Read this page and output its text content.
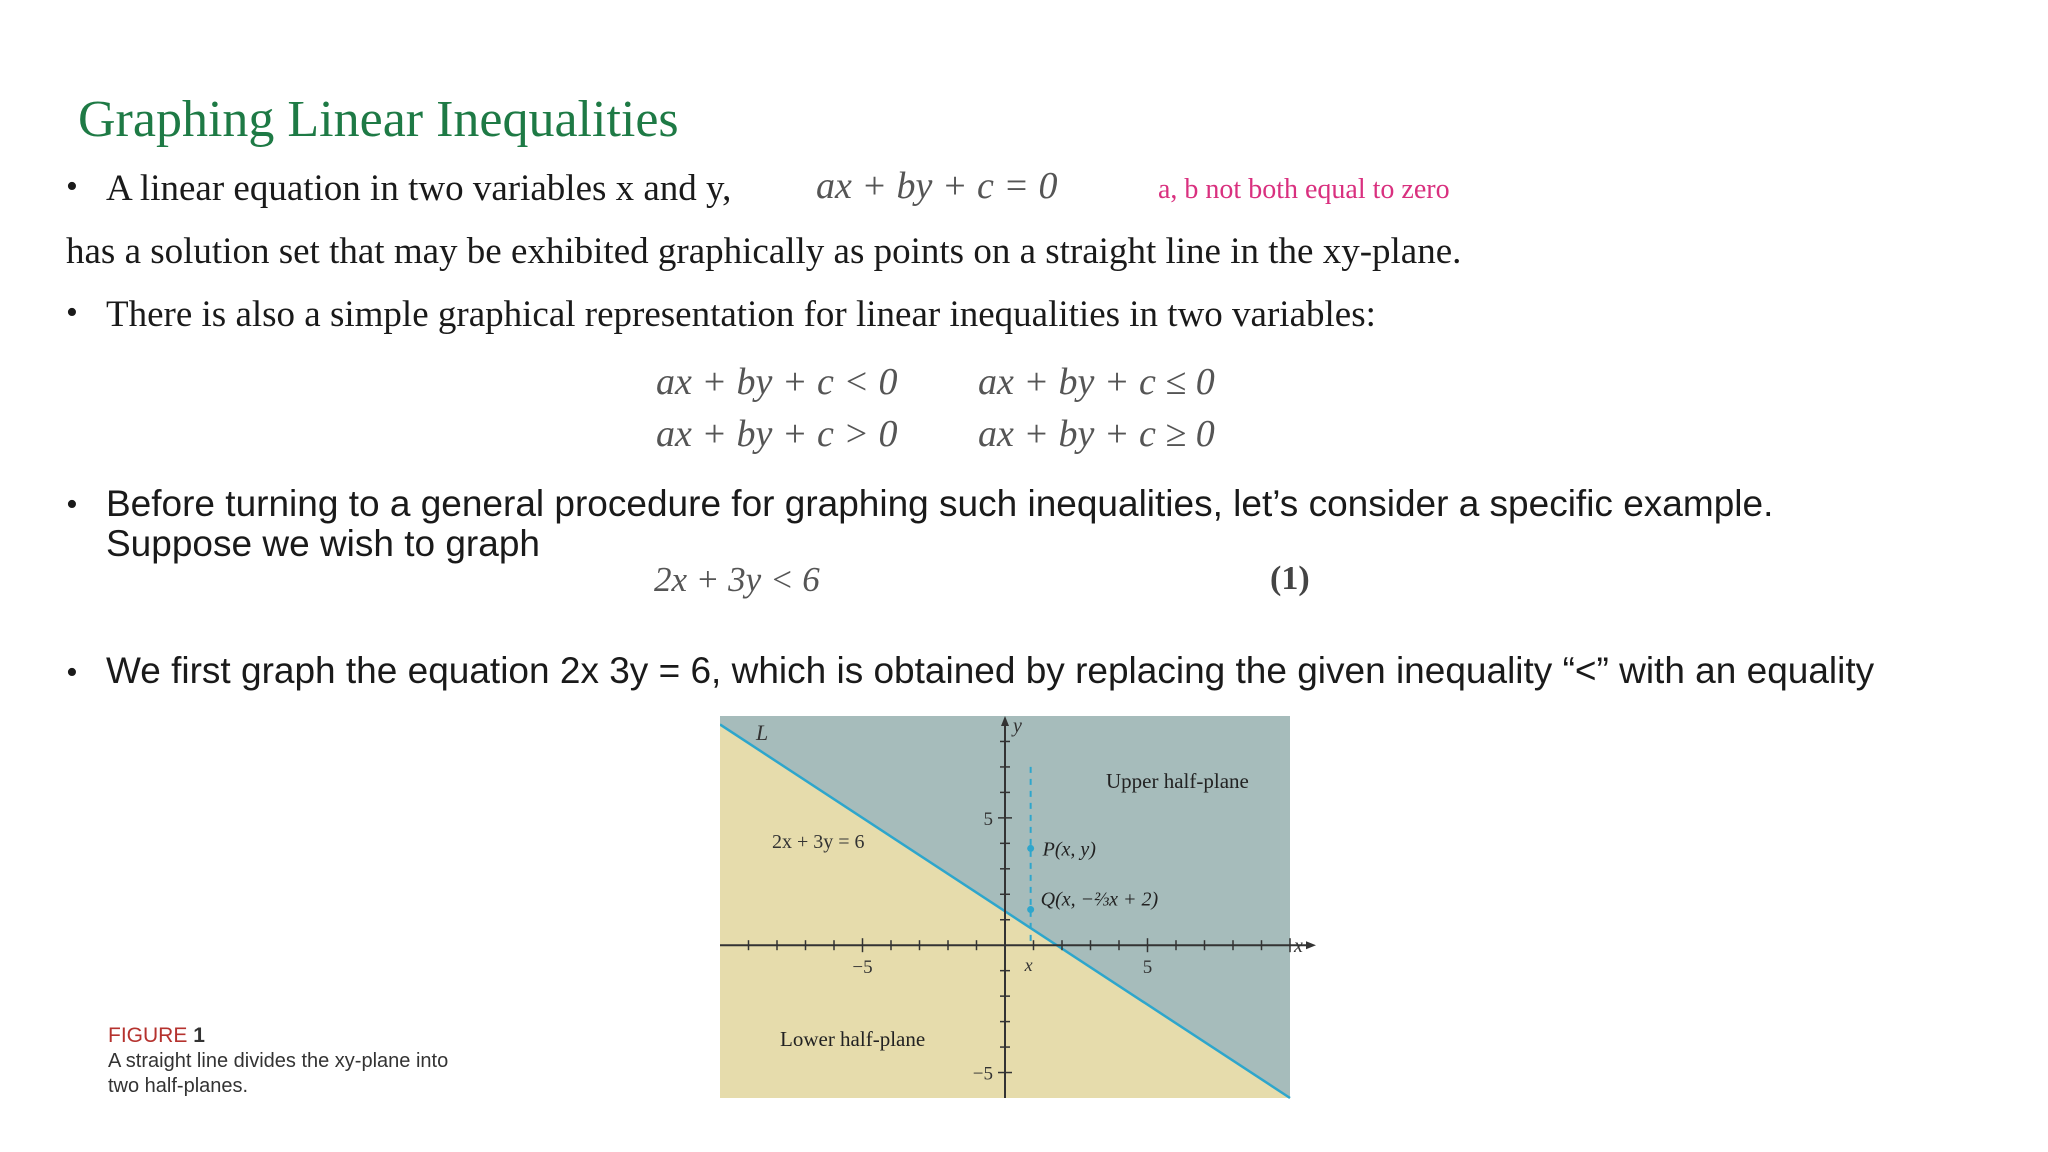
Graphing Linear Inequalities
• A linear equation in two variables x and y, ax + by + c = 0	a, b not both equal to zero
has a solution set that may be exhibited graphically as points on a straight line in the xy-plane.
• There is also a simple graphical representation for linear inequalities in two variables:
ax + by + c < 0 ax + by + c ≤ 0
ax + by + c > 0 ax + by + c ≥ 0
• Before turning to a general procedure for graphing such inequalities, let’s consider a specific example.
Suppose we wish to graph
2x + 3y < 6	(1)
• We first graph the equation 2x 3y = 6, which is obtained by replacing the given inequality “<” with an equality
L
2x + 3y = 6
Upper half-plane
Lower half-plane
P(x, y)
Q(x, −⅔x + 2)
x
y
x
−5	5
−5
5
FIGURE 1
A straight line divides the xy-plane into
two half-planes.
